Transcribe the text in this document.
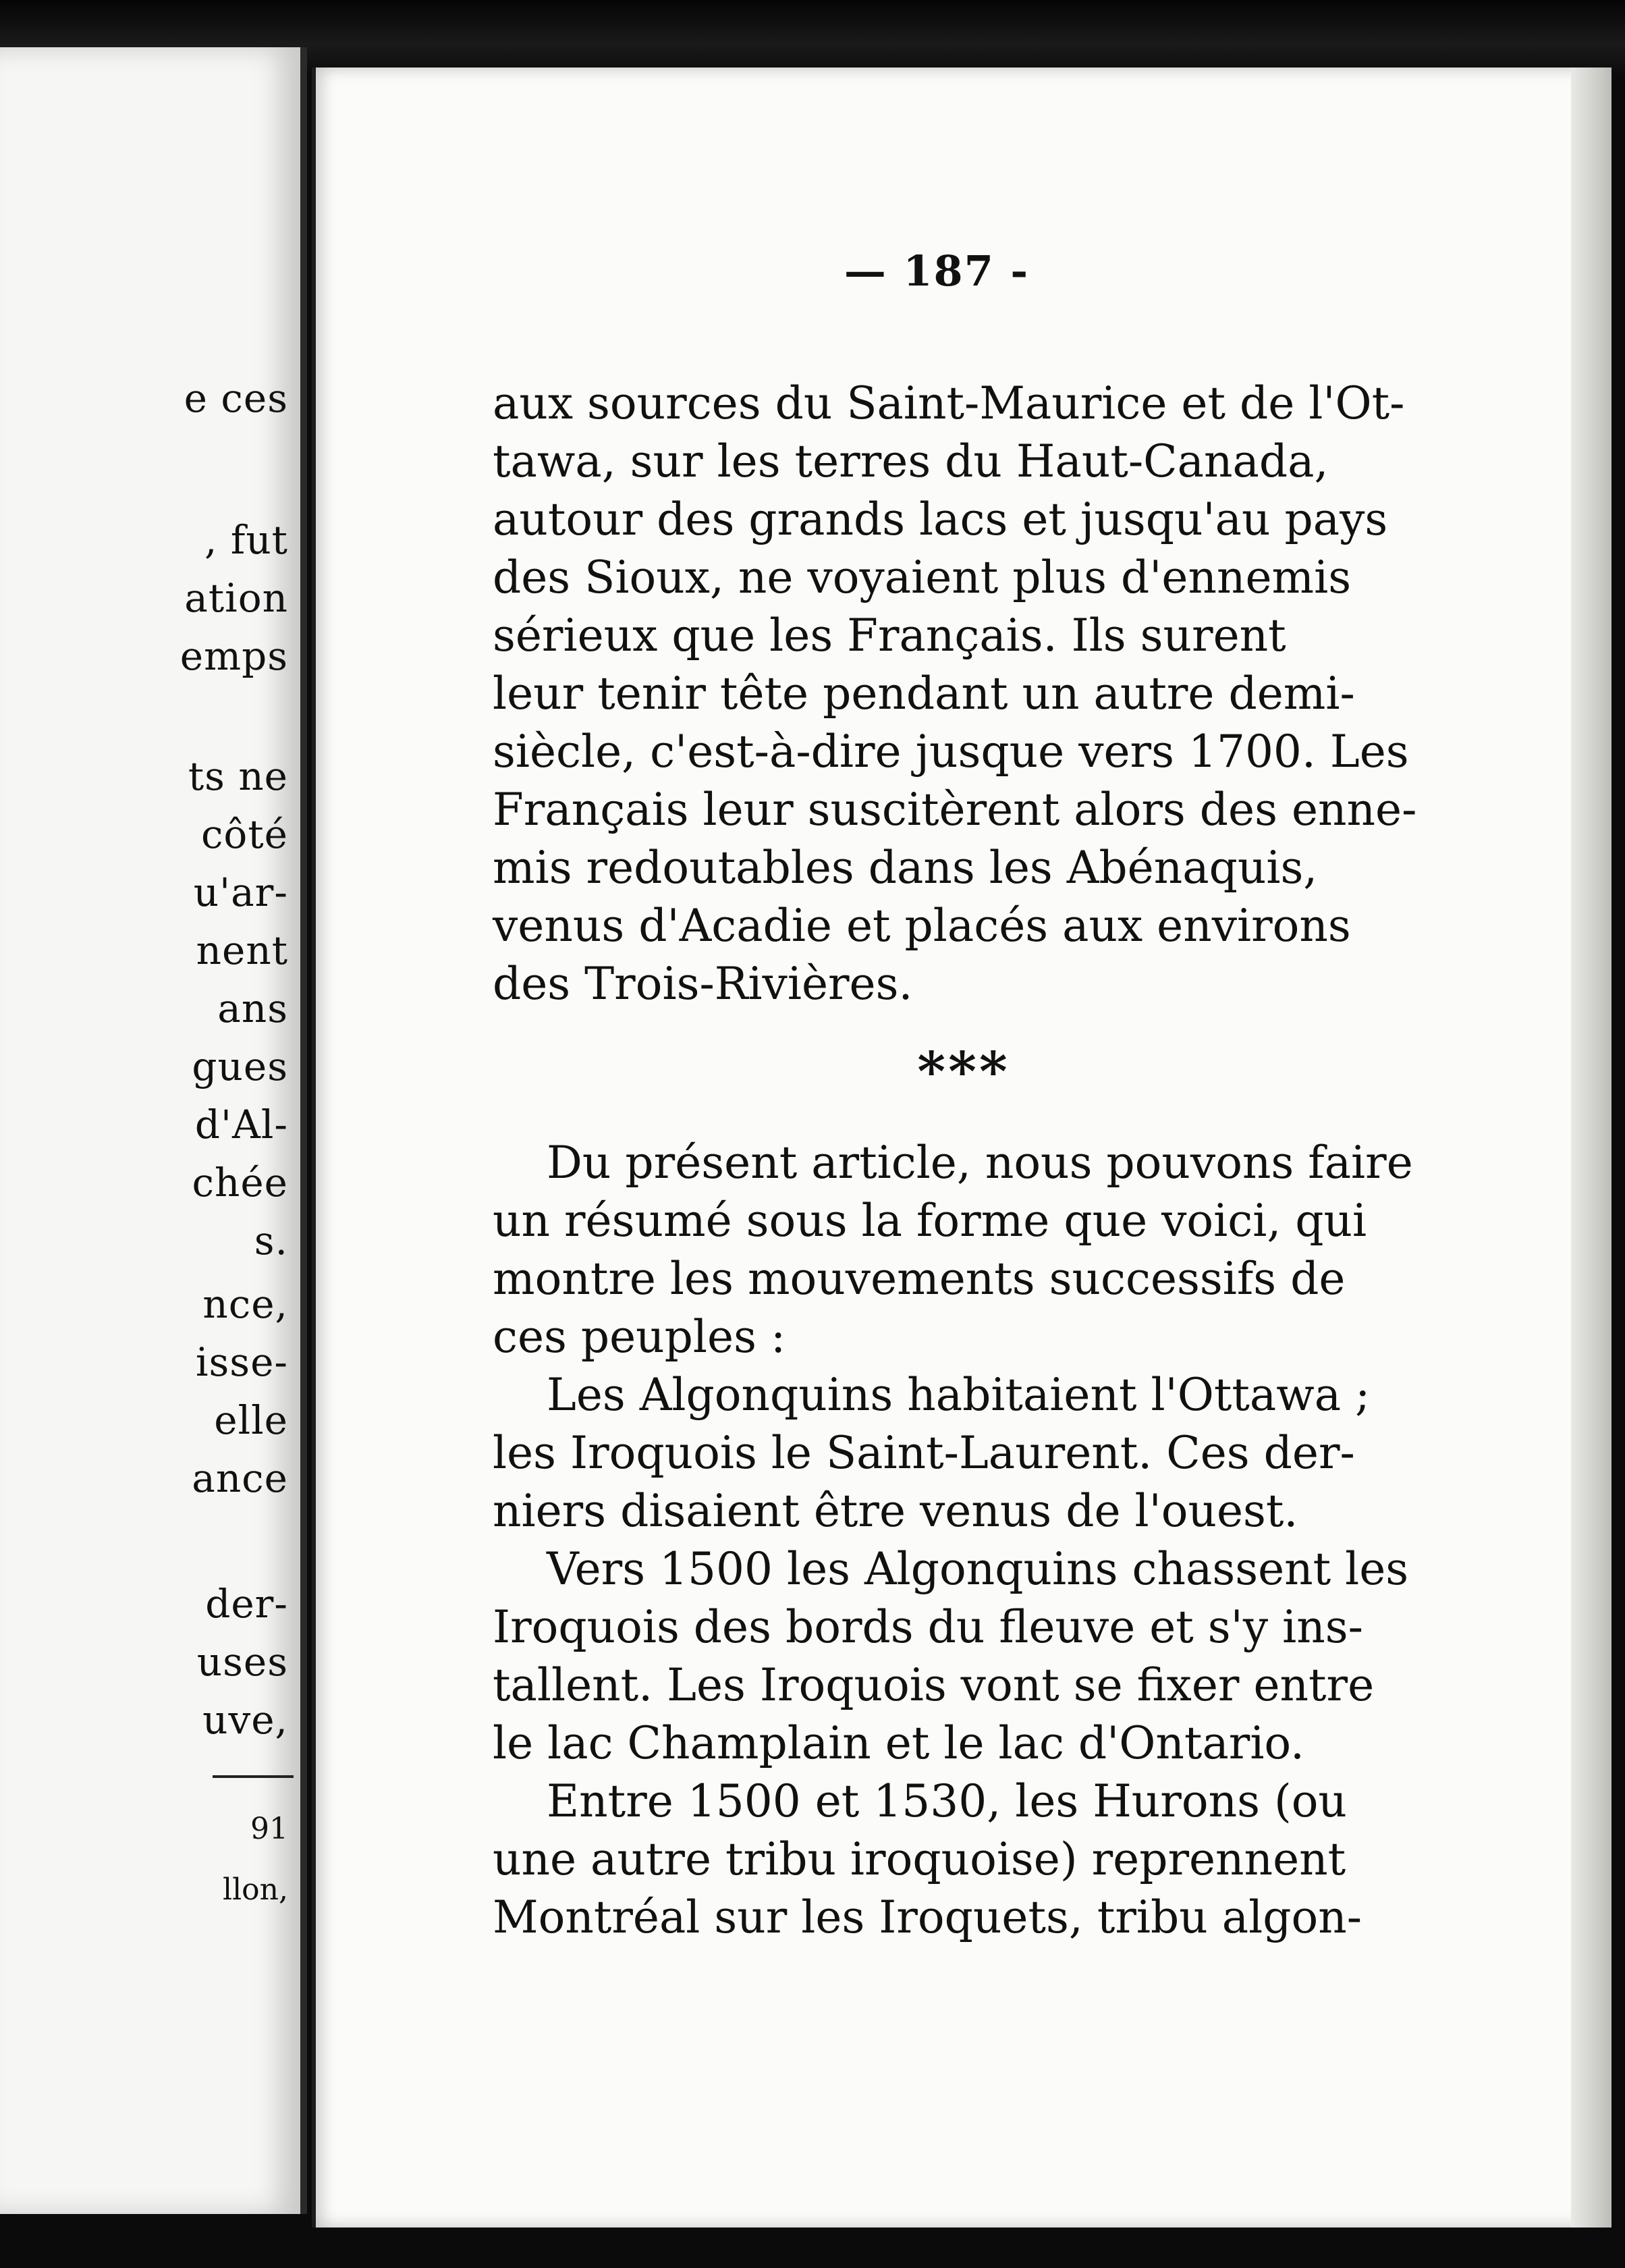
e ces
, fut
ation
emps
ts ne
côté
u'ar-
nent
ans
gues
d'Al-
chée
s.
nce,
isse-
elle
ance
der-
uses
uve,
91
llon,
— 187 -
aux sources du Saint-Maurice et de l'Ot-
tawa, sur les terres du Haut-Canada,
autour des grands lacs et jusqu'au pays
des Sioux, ne voyaient plus d'ennemis
sérieux que les Français. Ils surent
leur tenir tête pendant un autre demi-
siècle, c'est-à-dire jusque vers 1700. Les
Français leur suscitèrent alors des enne-
mis redoutables dans les Abénaquis,
venus d'Acadie et placés aux environs
des Trois-Rivières.
***
Du présent article, nous pouvons faire
un résumé sous la forme que voici, qui
montre les mouvements successifs de
ces peuples :
Les Algonquins habitaient l'Ottawa ;
les Iroquois le Saint-Laurent. Ces der-
niers disaient être venus de l'ouest.
Vers 1500 les Algonquins chassent les
Iroquois des bords du fleuve et s'y ins-
tallent. Les Iroquois vont se fixer entre
le lac Champlain et le lac d'Ontario.
Entre 1500 et 1530, les Hurons (ou
une autre tribu iroquoise) reprennent
Montréal sur les Iroquets, tribu algon-
